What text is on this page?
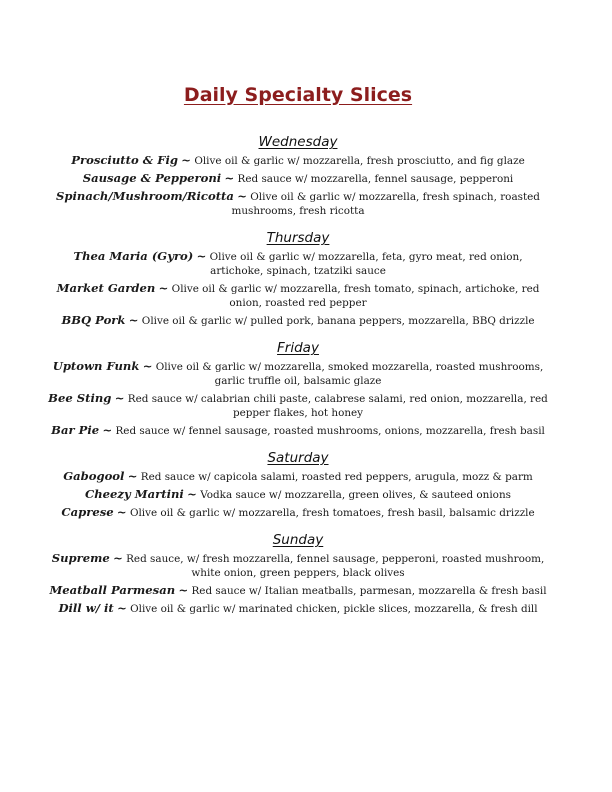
Daily Specialty Slices
Wednesday
Prosciutto & Fig ~ Olive oil & garlic w/ mozzarella, fresh prosciutto, and fig glaze
Sausage & Pepperoni ~ Red sauce w/ mozzarella, fennel sausage, pepperoni
Spinach/Mushroom/Ricotta ~ Olive oil & garlic w/ mozzarella, fresh spinach, roasted mushrooms, fresh ricotta
Thursday
Thea Maria (Gyro) ~ Olive oil & garlic w/ mozzarella, feta, gyro meat, red onion, artichoke, spinach, tzatziki sauce
Market Garden ~ Olive oil & garlic w/ mozzarella, fresh tomato, spinach, artichoke, red onion, roasted red pepper
BBQ Pork ~ Olive oil & garlic w/ pulled pork, banana peppers, mozzarella, BBQ drizzle
Friday
Uptown Funk ~ Olive oil & garlic w/ mozzarella, smoked mozzarella, roasted mushrooms, garlic truffle oil, balsamic glaze
Bee Sting ~ Red sauce w/ calabrian chili paste, calabrese salami, red onion, mozzarella, red pepper flakes, hot honey
Bar Pie ~ Red sauce w/ fennel sausage, roasted mushrooms, onions, mozzarella, fresh basil
Saturday
Gabogool ~ Red sauce w/ capicola salami, roasted red peppers, arugula, mozz & parm
Cheezy Martini ~ Vodka sauce w/ mozzarella, green olives, & sauteed onions
Caprese ~ Olive oil & garlic w/ mozzarella, fresh tomatoes, fresh basil, balsamic drizzle
Sunday
Supreme ~ Red sauce, w/ fresh mozzarella, fennel sausage, pepperoni, roasted mushroom, white onion, green peppers, black olives
Meatball Parmesan ~ Red sauce w/ Italian meatballs, parmesan, mozzarella & fresh basil
Dill w/ it ~ Olive oil & garlic w/ marinated chicken, pickle slices, mozzarella, & fresh dill
